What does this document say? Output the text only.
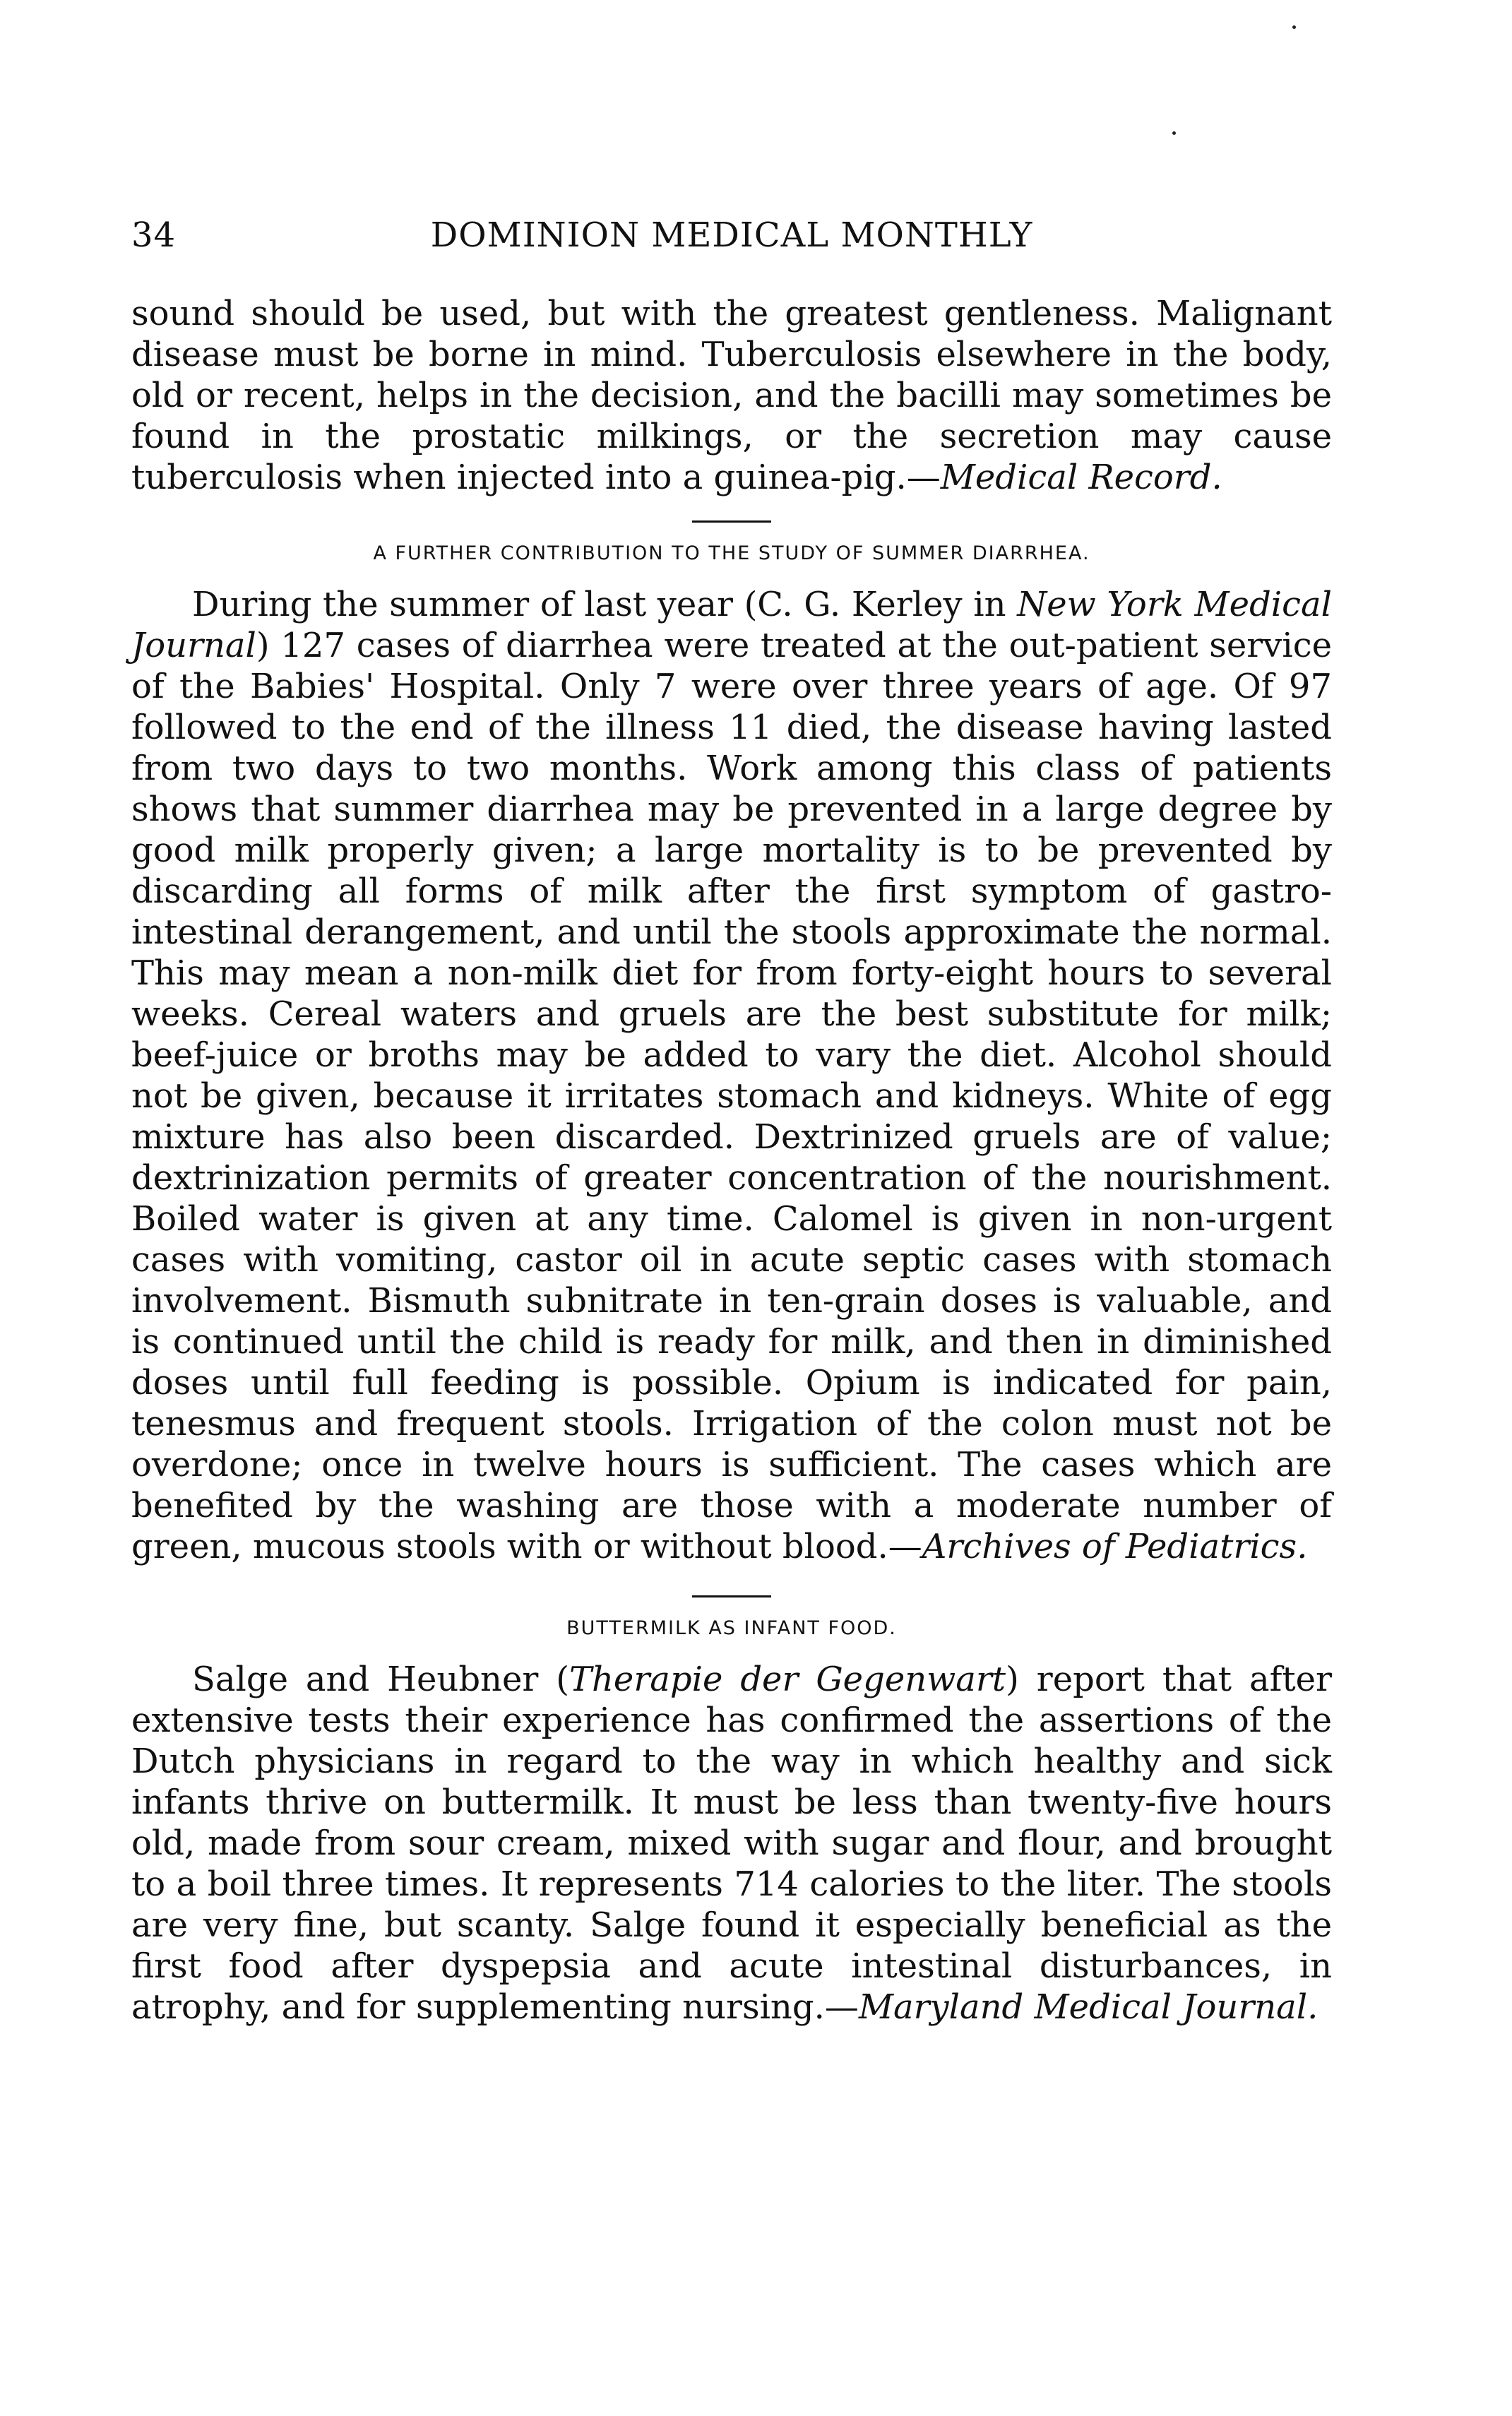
34	DOMINION MEDICAL MONTHLY

sound should be used, but with the greatest gentleness. Malignant disease must be borne in mind. Tuberculosis elsewhere in the body, old or recent, helps in the decision, and the bacilli may sometimes be found in the prostatic milkings, or the secretion may cause tuberculosis when injected into a guinea-pig.—Medical Record.

A FURTHER CONTRIBUTION TO THE STUDY OF SUMMER DIARRHEA.

During the summer of last year (C. G. Kerley in New York Medical Journal) 127 cases of diarrhea were treated at the out-patient service of the Babies' Hospital. Only 7 were over three years of age. Of 97 followed to the end of the illness 11 died, the disease having lasted from two days to two months. Work among this class of patients shows that summer diarrhea may be prevented in a large degree by good milk properly given; a large mortality is to be prevented by discarding all forms of milk after the first symptom of gastro-intestinal derangement, and until the stools approximate the normal. This may mean a non-milk diet for from forty-eight hours to several weeks. Cereal waters and gruels are the best substitute for milk; beef-juice or broths may be added to vary the diet. Alcohol should not be given, because it irritates stomach and kidneys. White of egg mixture has also been discarded. Dextrinized gruels are of value; dextrinization permits of greater concentration of the nourishment. Boiled water is given at any time. Calomel is given in non-urgent cases with vomiting, castor oil in acute septic cases with stomach involvement. Bismuth subnitrate in ten-grain doses is valuable, and is continued until the child is ready for milk, and then in diminished doses until full feeding is possible. Opium is indicated for pain, tenesmus and frequent stools. Irrigation of the colon must not be overdone; once in twelve hours is sufficient. The cases which are benefited by the washing are those with a moderate number of green, mucous stools with or without blood.—Archives of Pediatrics.

BUTTERMILK AS INFANT FOOD.

Salge and Heubner (Therapie der Gegenwart) report that after extensive tests their experience has confirmed the assertions of the Dutch physicians in regard to the way in which healthy and sick infants thrive on buttermilk. It must be less than twenty-five hours old, made from sour cream, mixed with sugar and flour, and brought to a boil three times. It represents 714 calories to the liter. The stools are very fine, but scanty. Salge found it especially beneficial as the first food after dyspepsia and acute intestinal disturbances, in atrophy, and for supplementing nursing.—Maryland Medical Journal.
